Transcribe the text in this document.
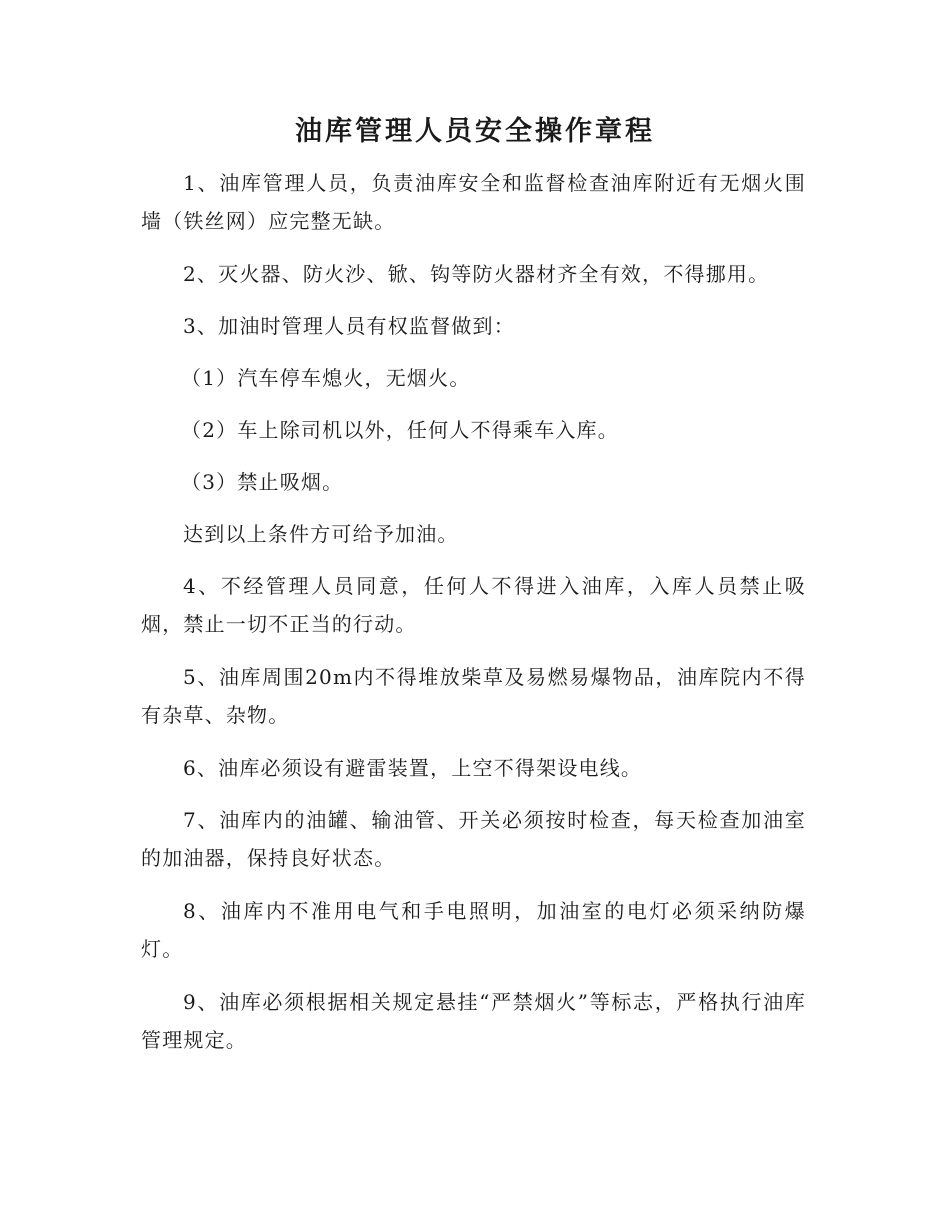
油库管理人员安全操作章程

1、油库管理人员，负责油库安全和监督检查油库附近有无烟火围墙（铁丝网）应完整无缺。

2、灭火器、防火沙、锨、钩等防火器材齐全有效，不得挪用。

3、加油时管理人员有权监督做到：

（1）汽车停车熄火，无烟火。

（2）车上除司机以外，任何人不得乘车入库。

（3）禁止吸烟。

达到以上条件方可给予加油。

4、不经管理人员同意，任何人不得进入油库，入库人员禁止吸烟，禁止一切不正当的行动。

5、油库周围20m内不得堆放柴草及易燃易爆物品，油库院内不得有杂草、杂物。

6、油库必须设有避雷装置，上空不得架设电线。

7、油库内的油罐、输油管、开关必须按时检查，每天检查加油室的加油器，保持良好状态。

8、油库内不准用电气和手电照明，加油室的电灯必须采纳防爆灯。

9、油库必须根据相关规定悬挂“严禁烟火”等标志，严格执行油库管理规定。
